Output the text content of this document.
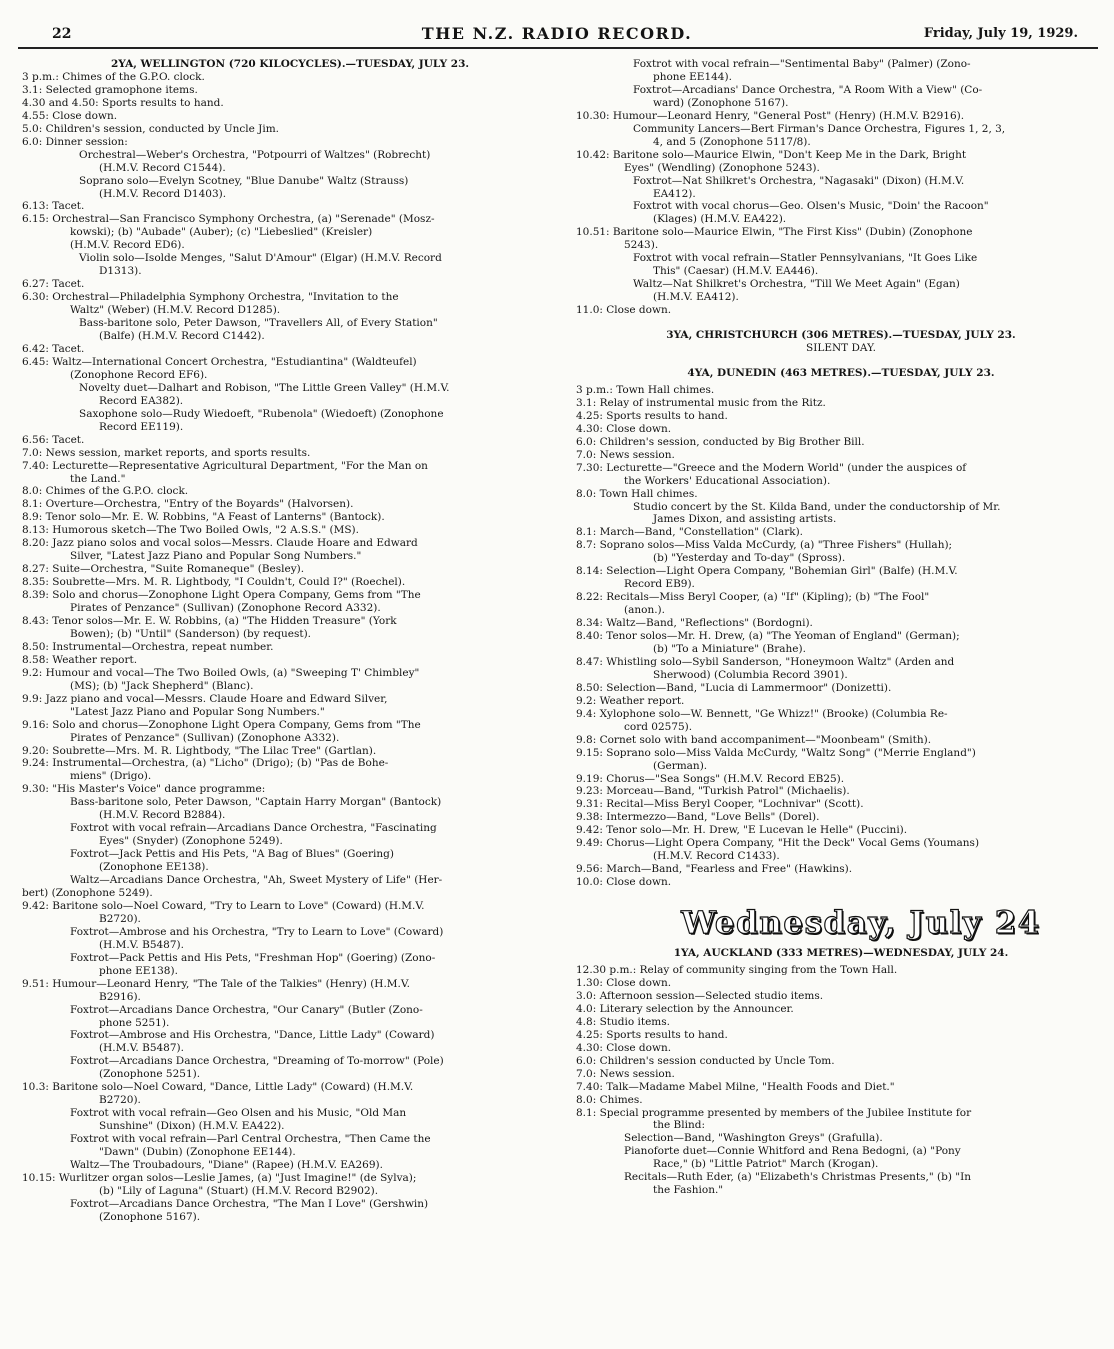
22	THE N.Z. RADIO RECORD.	Friday, July 19, 1929.
2YA, WELLINGTON (720 KILOCYCLES).—TUESDAY, JULY 23.
3 p.m.: Chimes of the G.P.O. clock.
3.1: Selected gramophone items.
4.30 and 4.50: Sports results to hand.
4.55: Close down.
5.0: Children's session, conducted by Uncle Jim.
6.0: Dinner session:
Orchestral—Weber's Orchestra, "Potpourri of Waltzes" (Robrecht)
(H.M.V. Record C1544).
Soprano solo—Evelyn Scotney, "Blue Danube" Waltz (Strauss)
(H.M.V. Record D1403).
6.13: Tacet.
6.15: Orchestral—San Francisco Symphony Orchestra, (a) "Serenade" (Mosz-
kowski); (b) "Aubade" (Auber); (c) "Liebeslied" (Kreisler)
(H.M.V. Record ED6).
Violin solo—Isolde Menges, "Salut D'Amour" (Elgar) (H.M.V. Record
D1313).
6.27: Tacet.
6.30: Orchestral—Philadelphia Symphony Orchestra, "Invitation to the
Waltz" (Weber) (H.M.V. Record D1285).
Bass-baritone solo, Peter Dawson, "Travellers All, of Every Station"
(Balfe) (H.M.V. Record C1442).
6.42: Tacet.
6.45: Waltz—International Concert Orchestra, "Estudiantina" (Waldteufel)
(Zonophone Record EF6).
Novelty duet—Dalhart and Robison, "The Little Green Valley" (H.M.V.
Record EA382).
Saxophone solo—Rudy Wiedoeft, "Rubenola" (Wiedoeft) (Zonophone
Record EE119).
6.56: Tacet.
7.0: News session, market reports, and sports results.
7.40: Lecturette—Representative Agricultural Department, "For the Man on
the Land."
8.0: Chimes of the G.P.O. clock.
8.1: Overture—Orchestra, "Entry of the Boyards" (Halvorsen).
8.9: Tenor solo—Mr. E. W. Robbins, "A Feast of Lanterns" (Bantock).
8.13: Humorous sketch—The Two Boiled Owls, "2 A.S.S." (MS).
8.20: Jazz piano solos and vocal solos—Messrs. Claude Hoare and Edward
Silver, "Latest Jazz Piano and Popular Song Numbers."
8.27: Suite—Orchestra, "Suite Romaneque" (Besley).
8.35: Soubrette—Mrs. M. R. Lightbody, "I Couldn't, Could I?" (Roechel).
8.39: Solo and chorus—Zonophone Light Opera Company, Gems from "The
Pirates of Penzance" (Sullivan) (Zonophone Record A332).
8.43: Tenor solos—Mr. E. W. Robbins, (a) "The Hidden Treasure" (York
Bowen); (b) "Until" (Sanderson) (by request).
8.50: Instrumental—Orchestra, repeat number.
8.58: Weather report.
9.2: Humour and vocal—The Two Boiled Owls, (a) "Sweeping T' Chimbley"
(MS); (b) "Jack Shepherd" (Blanc).
9.9: Jazz piano and vocal—Messrs. Claude Hoare and Edward Silver,
"Latest Jazz Piano and Popular Song Numbers."
9.16: Solo and chorus—Zonophone Light Opera Company, Gems from "The
Pirates of Penzance" (Sullivan) (Zonophone A332).
9.20: Soubrette—Mrs. M. R. Lightbody, "The Lilac Tree" (Gartlan).
9.24: Instrumental—Orchestra, (a) "Licho" (Drigo); (b) "Pas de Bohe-
miens" (Drigo).
9.30: "His Master's Voice" dance programme:
Bass-baritone solo, Peter Dawson, "Captain Harry Morgan" (Bantock)
(H.M.V. Record B2884).
Foxtrot with vocal refrain—Arcadians Dance Orchestra, "Fascinating
Eyes" (Snyder) (Zonophone 5249).
Foxtrot—Jack Pettis and His Pets, "A Bag of Blues" (Goering)
(Zonophone EE138).
Waltz—Arcadians Dance Orchestra, "Ah, Sweet Mystery of Life" (Her-
bert) (Zonophone 5249).
9.42: Baritone solo—Noel Coward, "Try to Learn to Love" (Coward) (H.M.V.
B2720).
Foxtrot—Ambrose and his Orchestra, "Try to Learn to Love" (Coward)
(H.M.V. B5487).
Foxtrot—Pack Pettis and His Pets, "Freshman Hop" (Goering) (Zono-
phone EE138).
9.51: Humour—Leonard Henry, "The Tale of the Talkies" (Henry) (H.M.V.
B2916).
Foxtrot—Arcadians Dance Orchestra, "Our Canary" (Butler (Zono-
phone 5251).
Foxtrot—Ambrose and His Orchestra, "Dance, Little Lady" (Coward)
(H.M.V. B5487).
Foxtrot—Arcadians Dance Orchestra, "Dreaming of To-morrow" (Pole)
(Zonophone 5251).
10.3: Baritone solo—Noel Coward, "Dance, Little Lady" (Coward) (H.M.V.
B2720).
Foxtrot with vocal refrain—Geo Olsen and his Music, "Old Man
Sunshine" (Dixon) (H.M.V. EA422).
Foxtrot with vocal refrain—Parl Central Orchestra, "Then Came the
"Dawn" (Dubin) (Zonophone EE144).
Waltz—The Troubadours, "Diane" (Rapee) (H.M.V. EA269).
10.15: Wurlitzer organ solos—Leslie James, (a) "Just Imagine!" (de Sylva);
(b) "Lily of Laguna" (Stuart) (H.M.V. Record B2902).
Foxtrot—Arcadians Dance Orchestra, "The Man I Love" (Gershwin)
(Zonophone 5167).
Foxtrot with vocal refrain—"Sentimental Baby" (Palmer) (Zono-
phone EE144).
Foxtrot—Arcadians' Dance Orchestra, "A Room With a View" (Co-
ward) (Zonophone 5167).
10.30: Humour—Leonard Henry, "General Post" (Henry) (H.M.V. B2916).
Community Lancers—Bert Firman's Dance Orchestra, Figures 1, 2, 3,
4, and 5 (Zonophone 5117/8).
10.42: Baritone solo—Maurice Elwin, "Don't Keep Me in the Dark, Bright
Eyes" (Wendling) (Zonophone 5243).
Foxtrot—Nat Shilkret's Orchestra, "Nagasaki" (Dixon) (H.M.V.
EA412).
Foxtrot with vocal chorus—Geo. Olsen's Music, "Doin' the Racoon"
(Klages) (H.M.V. EA422).
10.51: Baritone solo—Maurice Elwin, "The First Kiss" (Dubin) (Zonophone
5243).
Foxtrot with vocal refrain—Statler Pennsylvanians, "It Goes Like
This" (Caesar) (H.M.V. EA446).
Waltz—Nat Shilkret's Orchestra, "Till We Meet Again" (Egan)
(H.M.V. EA412).
11.0: Close down.
3YA, CHRISTCHURCH (306 METRES).—TUESDAY, JULY 23.
SILENT DAY.
4YA, DUNEDIN (463 METRES).—TUESDAY, JULY 23.
3 p.m.: Town Hall chimes.
3.1: Relay of instrumental music from the Ritz.
4.25: Sports results to hand.
4.30: Close down.
6.0: Children's session, conducted by Big Brother Bill.
7.0: News session.
7.30: Lecturette—"Greece and the Modern World" (under the auspices of
the Workers' Educational Association).
8.0: Town Hall chimes.
Studio concert by the St. Kilda Band, under the conductorship of Mr.
James Dixon, and assisting artists.
8.1: March—Band, "Constellation" (Clark).
8.7: Soprano solos—Miss Valda McCurdy, (a) "Three Fishers" (Hullah);
(b) "Yesterday and To-day" (Spross).
8.14: Selection—Light Opera Company, "Bohemian Girl" (Balfe) (H.M.V.
Record EB9).
8.22: Recitals—Miss Beryl Cooper, (a) "If" (Kipling); (b) "The Fool"
(anon.).
8.34: Waltz—Band, "Reflections" (Bordogni).
8.40: Tenor solos—Mr. H. Drew, (a) "The Yeoman of England" (German);
(b) "To a Miniature" (Brahe).
8.47: Whistling solo—Sybil Sanderson, "Honeymoon Waltz" (Arden and
Sherwood) (Columbia Record 3901).
8.50: Selection—Band, "Lucia di Lammermoor" (Donizetti).
9.2: Weather report.
9.4: Xylophone solo—W. Bennett, "Ge Whizz!" (Brooke) (Columbia Re-
cord 02575).
9.8: Cornet solo with band accompaniment—"Moonbeam" (Smith).
9.15: Soprano solo—Miss Valda McCurdy, "Waltz Song" ("Merrie England")
(German).
9.19: Chorus—"Sea Songs" (H.M.V. Record EB25).
9.23: Morceau—Band, "Turkish Patrol" (Michaelis).
9.31: Recital—Miss Beryl Cooper, "Lochnivar" (Scott).
9.38: Intermezzo—Band, "Love Bells" (Dorel).
9.42: Tenor solo—Mr. H. Drew, "E Lucevan le Helle" (Puccini).
9.49: Chorus—Light Opera Company, "Hit the Deck" Vocal Gems (Youmans)
(H.M.V. Record C1433).
9.56: March—Band, "Fearless and Free" (Hawkins).
10.0: Close down.
Wednesday, July 24
1YA, AUCKLAND (333 METRES)—WEDNESDAY, JULY 24.
12.30 p.m.: Relay of community singing from the Town Hall.
1.30: Close down.
3.0: Afternoon session—Selected studio items.
4.0: Literary selection by the Announcer.
4.8: Studio items.
4.25: Sports results to hand.
4.30: Close down.
6.0: Children's session conducted by Uncle Tom.
7.0: News session.
7.40: Talk—Madame Mabel Milne, "Health Foods and Diet."
8.0: Chimes.
8.1: Special programme presented by members of the Jubilee Institute for
the Blind:
Selection—Band, "Washington Greys" (Grafulla).
Pianoforte duet—Connie Whitford and Rena Bedogni, (a) "Pony
Race," (b) "Little Patriot" March (Krogan).
Recitals—Ruth Eder, (a) "Elizabeth's Christmas Presents," (b) "In
the Fashion."
